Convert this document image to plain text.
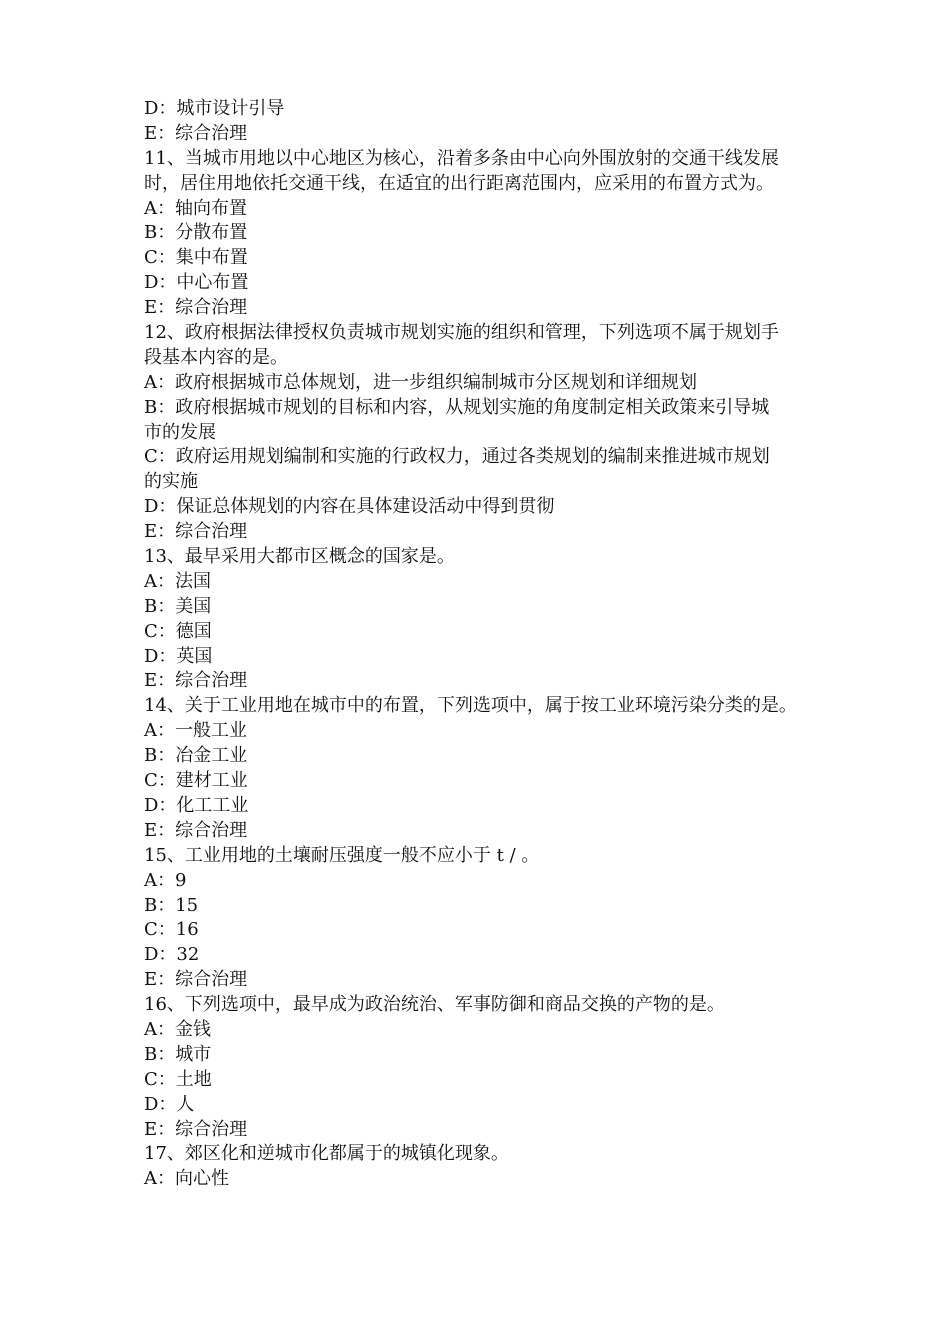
D：城市设计引导
E：综合治理
11、当城市用地以中心地区为核心，沿着多条由中心向外围放射的交通干线发展
时，居住用地依托交通干线，在适宜的出行距离范围内，应采用的布置方式为。
A：轴向布置
B：分散布置
C：集中布置
D：中心布置
E：综合治理
12、政府根据法律授权负责城市规划实施的组织和管理，下列选项不属于规划手
段基本内容的是。
A：政府根据城市总体规划，进一步组织编制城市分区规划和详细规划
B：政府根据城市规划的目标和内容，从规划实施的角度制定相关政策来引导城
市的发展
C：政府运用规划编制和实施的行政权力，通过各类规划的编制来推进城市规划
的实施
D：保证总体规划的内容在具体建设活动中得到贯彻
E：综合治理
13、最早采用大都市区概念的国家是。
A：法国
B：美国
C：德国
D：英国
E：综合治理
14、关于工业用地在城市中的布置，下列选项中，属于按工业环境污染分类的是。
A：一般工业
B：冶金工业
C：建材工业
D：化工工业
E：综合治理
15、工业用地的土壤耐压强度一般不应小于 t / 。
A：9
B：15
C：16
D：32
E：综合治理
16、下列选项中，最早成为政治统治、军事防御和商品交换的产物的是。
A：金钱
B：城市
C：土地
D：人
E：综合治理
17、郊区化和逆城市化都属于的城镇化现象。
A：向心性
